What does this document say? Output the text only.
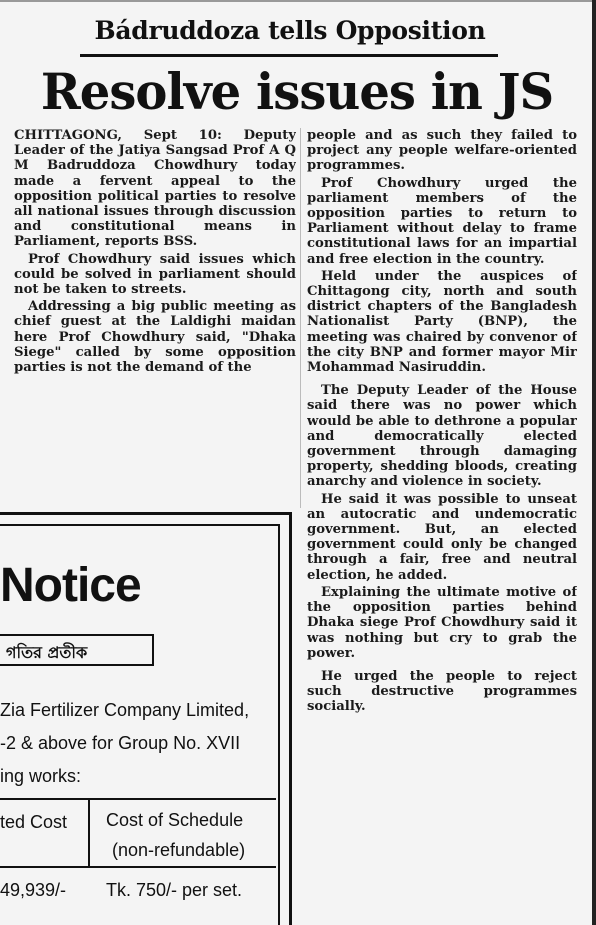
Bádruddoza tells Opposition
Resolve issues in JS

CHITTAGONG, Sept 10: Deputy Leader of the Jatiya Sangsad Prof A Q M Badruddoza Chowdhury today made a fervent appeal to the opposition political parties to resolve all national issues through discussion and constitutional means in Parliament, reports BSS.

Prof Chowdhury said issues which could be solved in parliament should not be taken to streets.

Addressing a big public meeting as chief guest at the Laldighi maidan here Prof Chowdhury said, "Dhaka Siege" called by some opposition parties is not the demand of the

people and as such they failed to project any people welfare-oriented programmes.

Prof Chowdhury urged the parliament members of the opposition parties to return to Parliament without delay to frame constitutional laws for an impartial and free election in the country.

Held under the auspices of Chittagong city, north and south district chapters of the Bangladesh Nationalist Party (BNP), the meeting was chaired by convenor of the city BNP and former mayor Mir Mohammad Nasiruddin.

The Deputy Leader of the House said there was no power which would be able to dethrone a popular and democratically elected government through damaging property, shedding bloods, creating anarchy and violence in society.

He said it was possible to unseat an autocratic and undemocratic government. But, an elected government could only be changed through a fair, free and neutral election, he added.

Explaining the ultimate motive of the opposition parties behind Dhaka siege Prof Chowdhury said it was nothing but cry to grab the power.

He urged the people to reject such destructive programmes socially.

Notice
গতির প্রতীক
Zia Fertilizer Company Limited,
-2 & above for Group No. XVII
ing works:
ted Cost Cost of Schedule
(non-refundable)
49,939/- Tk. 750/- per set.
